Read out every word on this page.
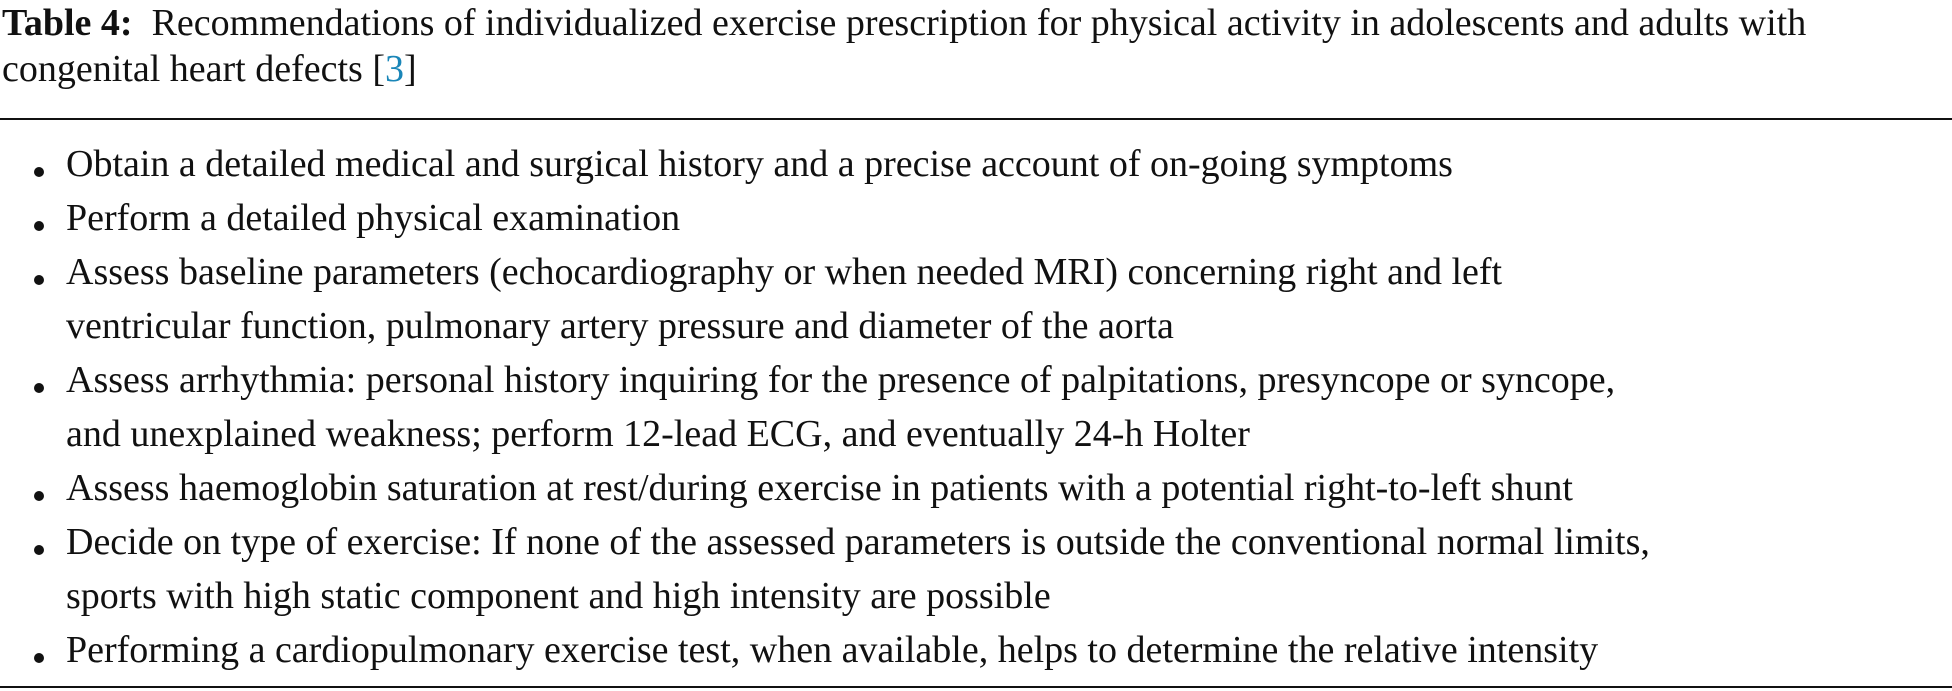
Table 4: Recommendations of individualized exercise prescription for physical activity in adolescents and adults with congenital heart defects [3]
Obtain a detailed medical and surgical history and a precise account of on-going symptoms
Perform a detailed physical examination
Assess baseline parameters (echocardiography or when needed MRI) concerning right and left
ventricular function, pulmonary artery pressure and diameter of the aorta
Assess arrhythmia: personal history inquiring for the presence of palpitations, presyncope or syncope,
and unexplained weakness; perform 12-lead ECG, and eventually 24-h Holter
Assess haemoglobin saturation at rest/during exercise in patients with a potential right-to-left shunt
Decide on type of exercise: If none of the assessed parameters is outside the conventional normal limits,
sports with high static component and high intensity are possible
Performing a cardiopulmonary exercise test, when available, helps to determine the relative intensity
